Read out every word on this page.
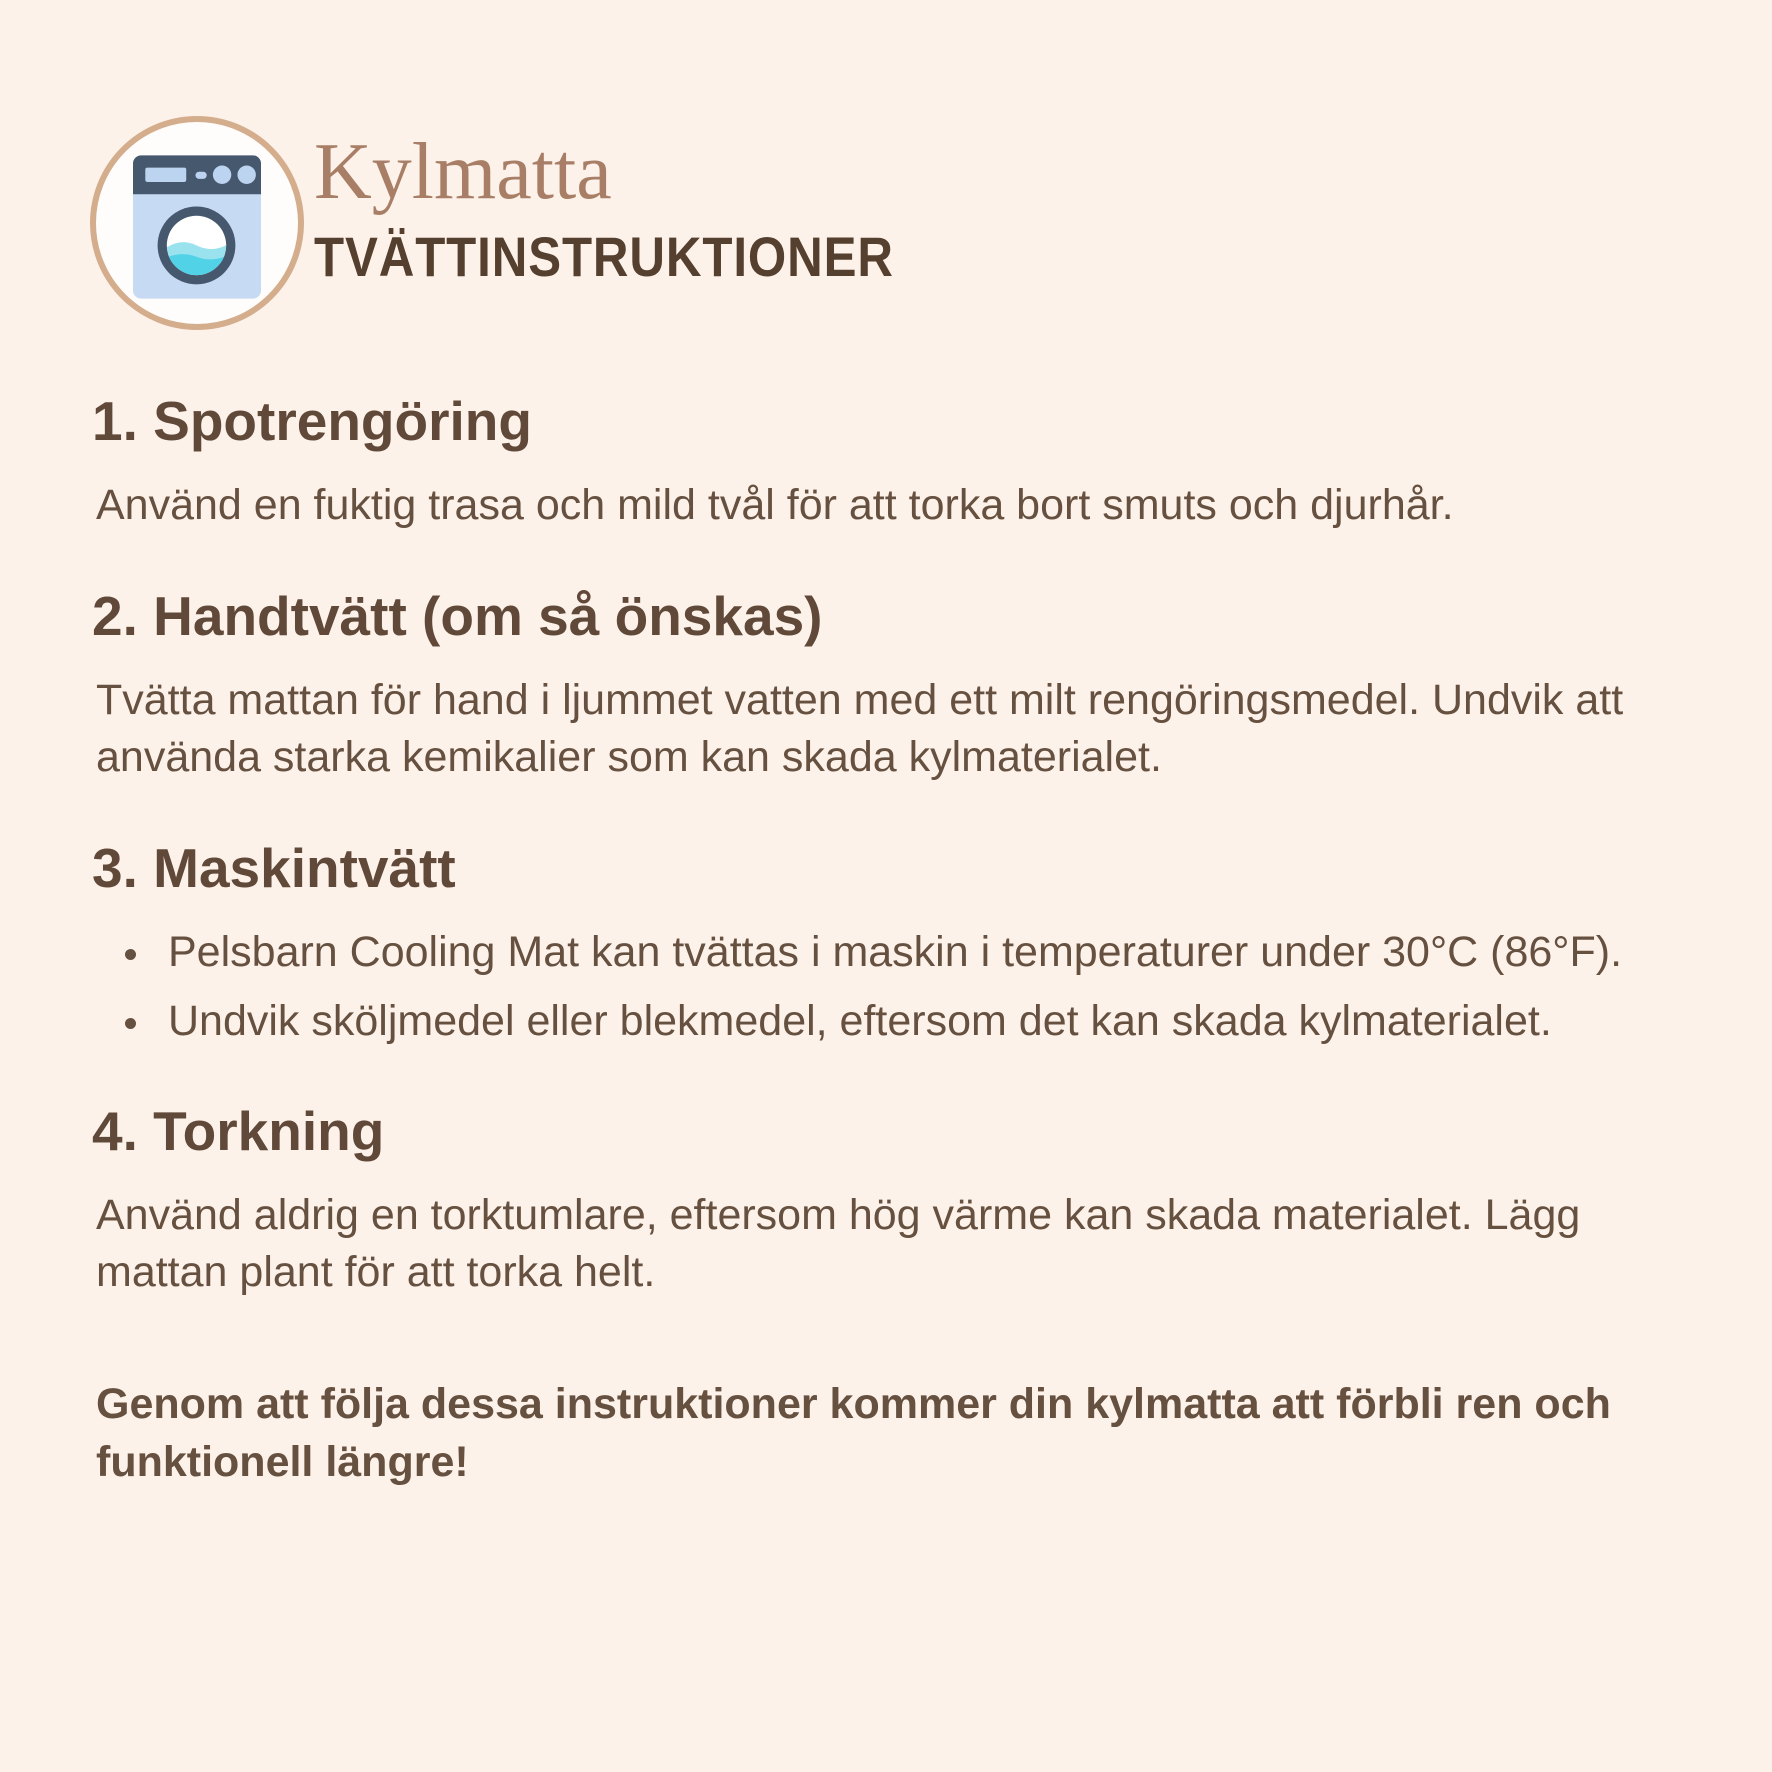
Kylmatta
TVÄTTINSTRUKTIONER
1. Spotrengöring

Använd en fuktig trasa och mild tvål för att torka bort smuts och djurhår.

2. Handtvätt (om så önskas)

Tvätta mattan för hand i ljummet vatten med ett milt rengöringsmedel. Undvik att använda starka kemikalier som kan skada kylmaterialet.

3. Maskintvätt
• Pelsbarn Cooling Mat kan tvättas i maskin i temperaturer under 30°C (86°F).
• Undvik sköljmedel eller blekmedel, eftersom det kan skada kylmaterialet.
4. Torkning

Använd aldrig en torktumlare, eftersom hög värme kan skada materialet. Lägg mattan plant för att torka helt.

Genom att följa dessa instruktioner kommer din kylmatta att förbli ren och funktionell längre!
